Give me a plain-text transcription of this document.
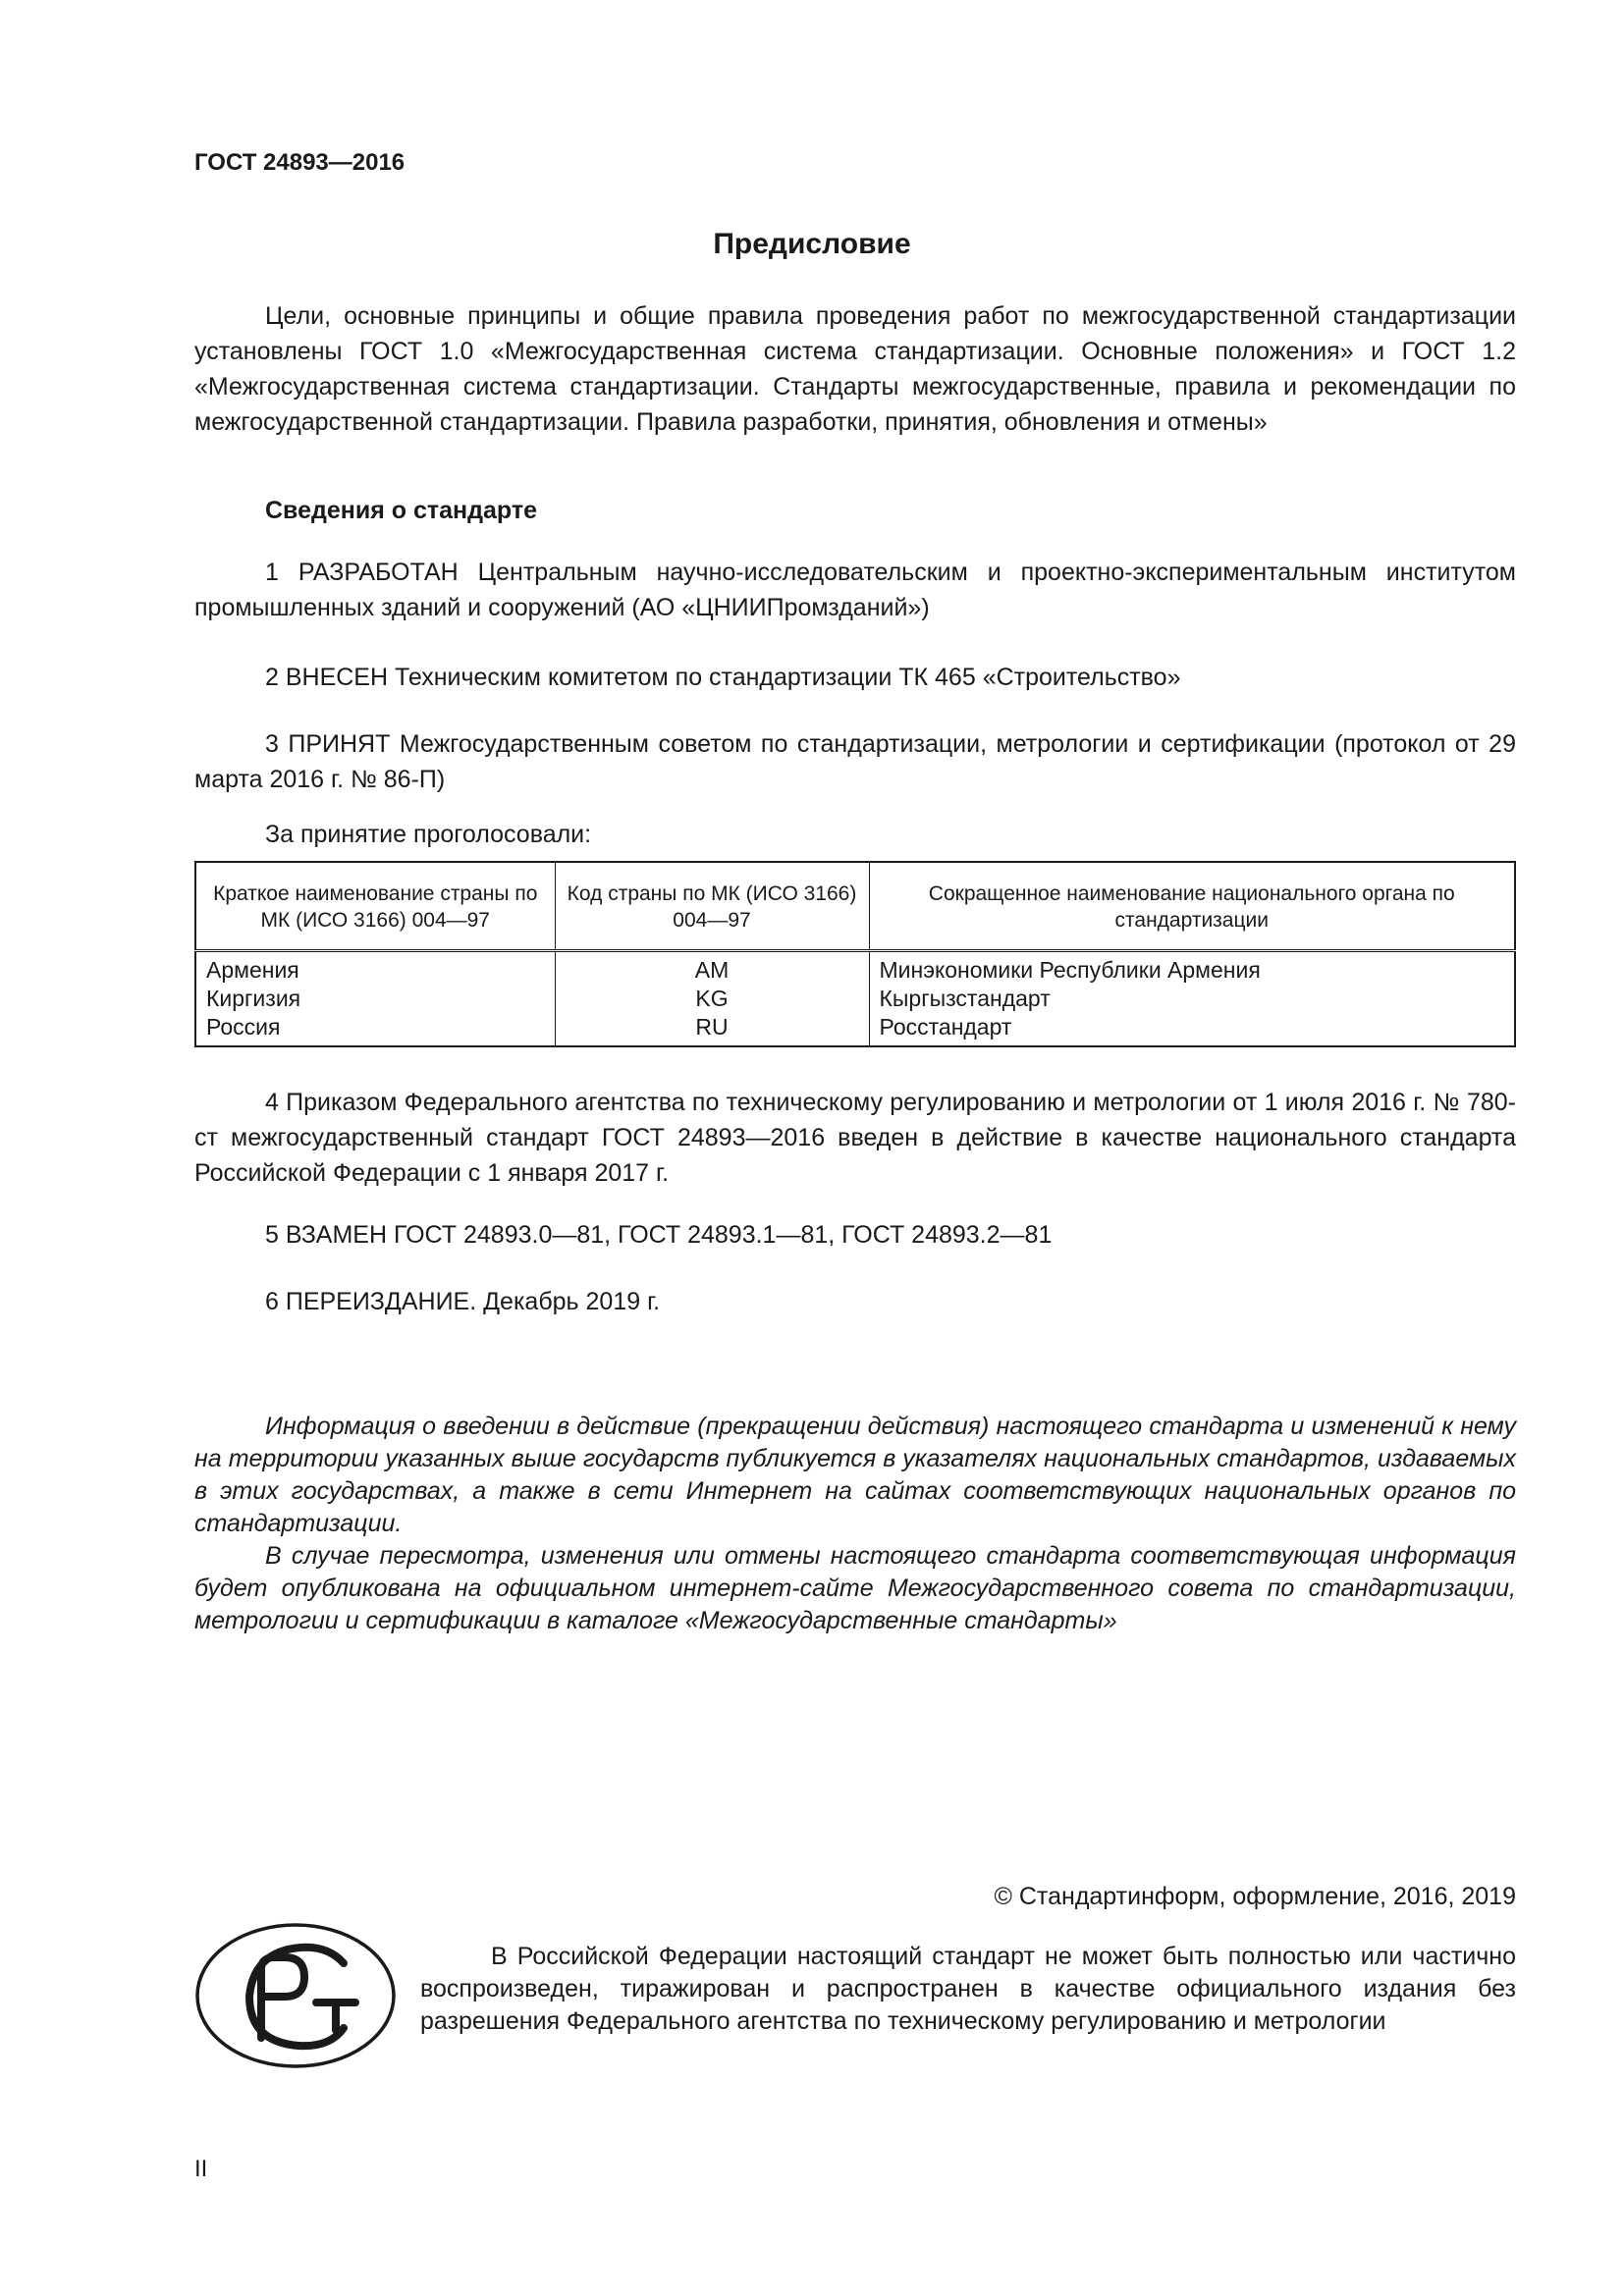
ГОСТ 24893—2016
Предисловие
Цели, основные принципы и общие правила проведения работ по межгосударственной стандартизации установлены ГОСТ 1.0 «Межгосударственная система стандартизации. Основные положения» и ГОСТ 1.2 «Межгосударственная система стандартизации. Стандарты межгосударственные, правила и рекомендации по межгосударственной стандартизации. Правила разработки, принятия, обновления и отмены»
Сведения о стандарте
1 РАЗРАБОТАН Центральным научно-исследовательским и проектно-экспериментальным институтом промышленных зданий и сооружений (АО «ЦНИИПромзданий»)
2 ВНЕСЕН Техническим комитетом по стандартизации ТК 465 «Строительство»
3 ПРИНЯТ Межгосударственным советом по стандартизации, метрологии и сертификации (протокол от 29 марта 2016 г. № 86-П)
За принятие проголосовали:
Краткое наименование страны по МК (ИСО 3166) 004—97	Код страны по МК (ИСО 3166) 004—97	Сокращенное наименование национального органа по стандартизации
Армения	AM	Минэкономики Республики Армения
Киргизия	KG	Кыргызстандарт
Россия	RU	Росстандарт
4 Приказом Федерального агентства по техническому регулированию и метрологии от 1 июля 2016 г. № 780-ст межгосударственный стандарт ГОСТ 24893—2016 введен в действие в качестве национального стандарта Российской Федерации с 1 января 2017 г.
5 ВЗАМЕН ГОСТ 24893.0—81, ГОСТ 24893.1—81, ГОСТ 24893.2—81
6 ПЕРЕИЗДАНИЕ. Декабрь 2019 г.
Информация о введении в действие (прекращении действия) настоящего стандарта и изменений к нему на территории указанных выше государств публикуется в указателях национальных стандартов, издаваемых в этих государствах, а также в сети Интернет на сайтах соответствующих национальных органов по стандартизации.
В случае пересмотра, изменения или отмены настоящего стандарта соответствующая информация будет опубликована на официальном интернет-сайте Межгосударственного совета по стандартизации, метрологии и сертификации в каталоге «Межгосударственные стандарты»
© Стандартинформ, оформление, 2016, 2019
В Российской Федерации настоящий стандарт не может быть полностью или частично воспроизведен, тиражирован и распространен в качестве официального издания без разрешения Федерального агентства по техническому регулированию и метрологии
II
